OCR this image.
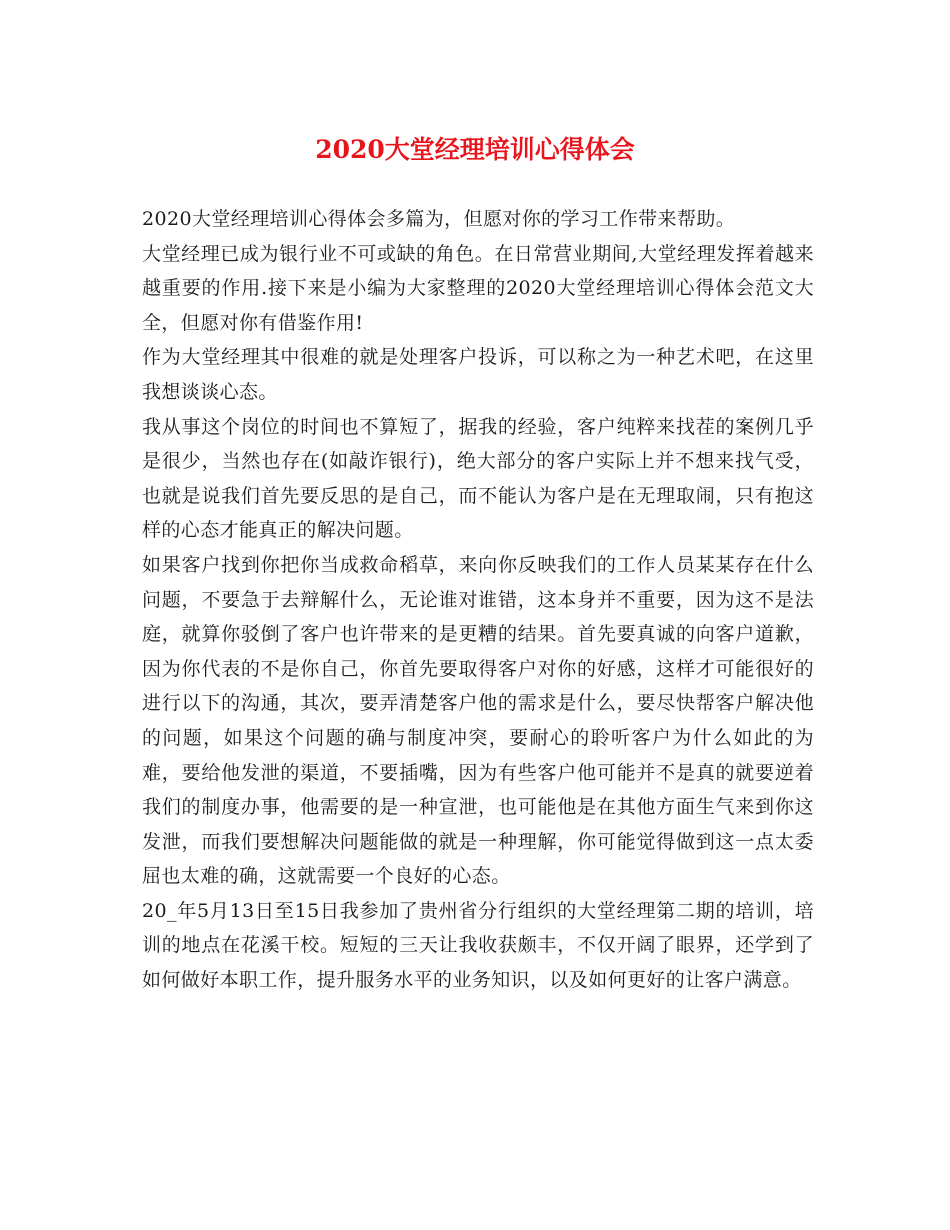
2020大堂经理培训心得体会

2020大堂经理培训心得体会多篇为，但愿对你的学习工作带来帮助。

大堂经理已成为银行业不可或缺的角色。在日常营业期间,大堂经理发挥着越来越重要的作用.接下来是小编为大家整理的2020大堂经理培训心得体会范文大全，但愿对你有借鉴作用!

作为大堂经理其中很难的就是处理客户投诉，可以称之为一种艺术吧，在这里我想谈谈心态。

我从事这个岗位的时间也不算短了，据我的经验，客户纯粹来找茬的案例几乎是很少，当然也存在(如敲诈银行)，绝大部分的客户实际上并不想来找气受，也就是说我们首先要反思的是自己，而不能认为客户是在无理取闹，只有抱这样的心态才能真正的解决问题。

如果客户找到你把你当成救命稻草，来向你反映我们的工作人员某某存在什么问题，不要急于去辩解什么，无论谁对谁错，这本身并不重要，因为这不是法庭，就算你驳倒了客户也许带来的是更糟的结果。首先要真诚的向客户道歉，因为你代表的不是你自己，你首先要取得客户对你的好感，这样才可能很好的进行以下的沟通，其次，要弄清楚客户他的需求是什么，要尽快帮客户解决他的问题，如果这个问题的确与制度冲突，要耐心的聆听客户为什么如此的为难，要给他发泄的渠道，不要插嘴，因为有些客户他可能并不是真的就要逆着我们的制度办事，他需要的是一种宣泄，也可能他是在其他方面生气来到你这发泄，而我们要想解决问题能做的就是一种理解，你可能觉得做到这一点太委屈也太难的确，这就需要一个良好的心态。

20_年5月13日至15日我参加了贵州省分行组织的大堂经理第二期的培训，培训的地点在花溪干校。短短的三天让我收获颇丰，不仅开阔了眼界，还学到了如何做好本职工作，提升服务水平的业务知识，以及如何更好的让客户满意。
